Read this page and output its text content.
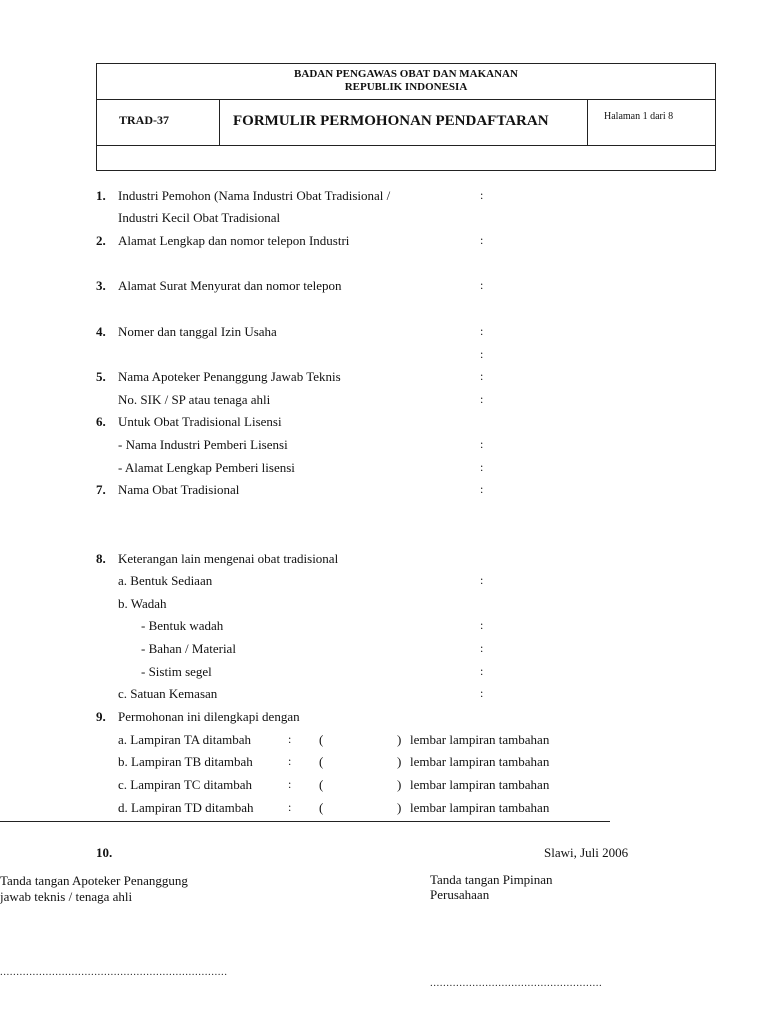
BADAN PENGAWAS OBAT DAN MAKANAN
REPUBLIK INDONESIA
TRAD-37	FORMULIR PERMOHONAN PENDAFTARAN	Halaman 1 dari 8
1. Industri Pemohon (Nama Industri Obat Tradisional /	:
Industri Kecil Obat Tradisional
2. Alamat Lengkap dan nomor telepon Industri	:
3. Alamat Surat Menyurat dan nomor telepon	:
4. Nomer dan tanggal Izin Usaha	:
:
5. Nama Apoteker Penanggung Jawab Teknis	:
No. SIK / SP atau tenaga ahli	:
6. Untuk Obat Tradisional Lisensi
- Nama Industri Pemberi Lisensi	:
- Alamat Lengkap Pemberi lisensi	:
7. Nama Obat Tradisional	:
8. Keterangan lain mengenai obat tradisional
a. Bentuk Sediaan	:
b. Wadah
- Bentuk wadah	:
- Bahan / Material	:
- Sistim segel	:
c. Satuan Kemasan	:
9. Permohonan ini dilengkapi dengan
a. Lampiran TA ditambah	: (	) lembar lampiran tambahan
b. Lampiran TB ditambah	: (	) lembar lampiran tambahan
c. Lampiran TC ditambah	: (	) lembar lampiran tambahan
d. Lampiran TD ditambah	: (	) lembar lampiran tambahan
10.	Slawi, Juli 2006
Tanda tangan Apoteker Penanggung
jawab teknis / tenaga ahli
Tanda tangan Pimpinan
Perusahaan
......................................................................
.....................................................
